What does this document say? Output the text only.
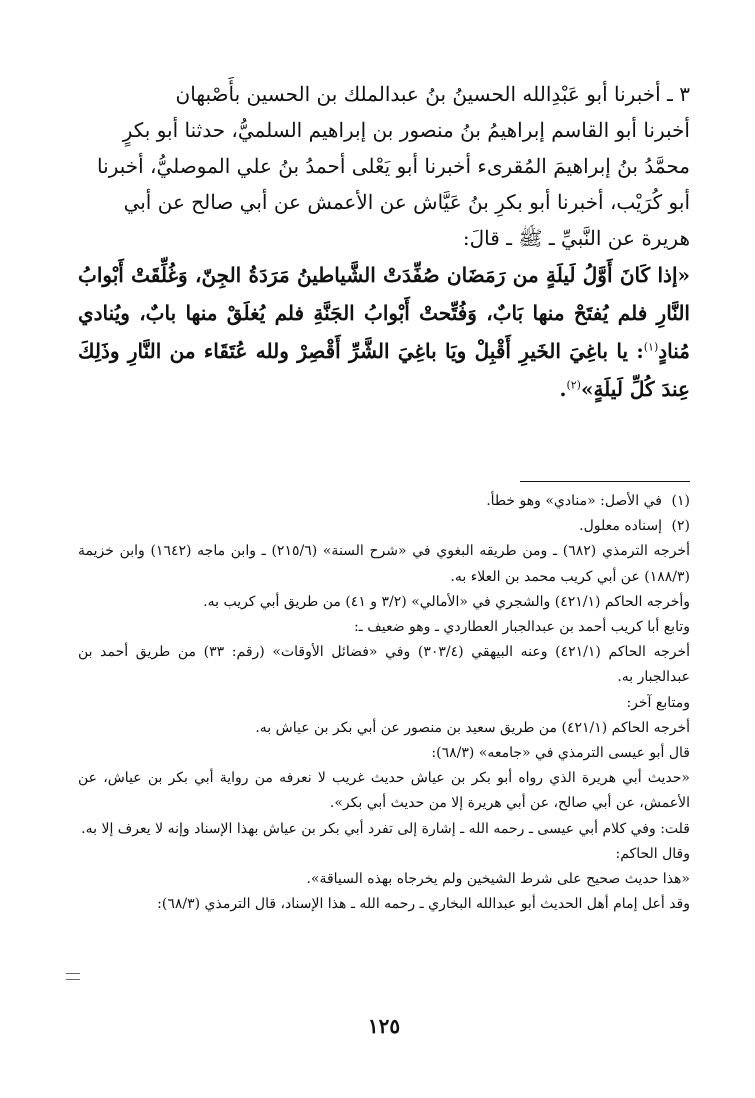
٣ ـ أخبرنا أبو عَبْدِالله الحسينُ بنُ عبدالملك بن الحسين بأَصْبهان

أخبرنا أبو القاسم إبراهيمُ بنُ منصور بن إبراهيم السلميُّ، حدثنا أبو بكرٍ

محمَّدُ بنُ إبراهيمَ المُقرىء أخبرنا أبو يَعْلى أحمدُ بنُ علي الموصليُّ، أخبرنا

أبو كُرَيْب، أخبرنا أبو بكرِ بنُ عَيَّاش عن الأعمش عن أبي صالح عن أبي

هريرة عن النَّبيِّ ـ ﷺ ـ قالَ:

«إذا كَانَ أَوَّلُ لَيلَةٍ من رَمَضَان صُفِّدَتْ الشَّياطينُ مَرَدَةُ الجِنّ، وَغُلِّقَتْ أَبْوابُ النَّارِ فلم يُفتَحْ منها بَابٌ، وَفُتِّحتْ أَبْوابُ الجَنَّةِ فلم يُغلَقْ منها بابٌ، ويُنادي مُنادٍ$^{(١)}$: يا باغِيَ الخَيرِ أَقْبِلْ ويَا باغِيَ الشَّرِّ أَقْصِرْ ولله عُتَقَاء من النَّارِ وذَلِكَ عِندَ كُلِّ لَيلَةٍ»$^{(٢)}$.

(١)
في الأصل: «منادي» وهو خطأ.
(٢)
إسناده معلول.

أخرجه الترمذي (٦٨٢) ـ ومن طريقه البغوي في «شرح السنة» (٢١٥/٦) ـ وابن ماجه (١٦٤٢) وابن خزيمة (١٨٨/٣) عن أبي كريب محمد بن العلاء به.

وأخرجه الحاكم (٤٢١/١) والشجري في «الأمالي» (٣/٢ و ٤١) من طريق أبي كريب به.

وتابع أبا كريب أحمد بن عبدالجبار العطاردي ـ وهو ضعيف ـ:

أخرجه الحاكم (٤٢١/١) وعنه البيهقي (٣٠٣/٤) وفي «فضائل الأوقات» (رقم: ٣٣) من طريق أحمد بن عبدالجبار به.

ومتابع آخر:

أخرجه الحاكم (٤٢١/١) من طريق سعيد بن منصور عن أبي بكر بن عياش به.

قال أبو عيسى الترمذي في «جامعه» (٦٨/٣):

«حديث أبي هريرة الذي رواه أبو بكر بن عياش حديث غريب لا نعرفه من رواية أبي بكر بن عياش، عن الأعمش، عن أبي صالح، عن أبي هريرة إلا من حديث أبي بكر».

قلت: وفي كلام أبي عيسى ـ رحمه الله ـ إشارة إلى تفرد أبي بكر بن عياش بهذا الإسناد وإنه لا يعرف إلا به.

وقال الحاكم:

«هذا حديث صحيح على شرط الشيخين ولم يخرجاه بهذه السياقة».

وقد أعل إمام أهل الحديث أبو عبدالله البخاري ـ رحمه الله ـ هذا الإسناد، قال الترمذي (٦٨/٣):

١٢٥
